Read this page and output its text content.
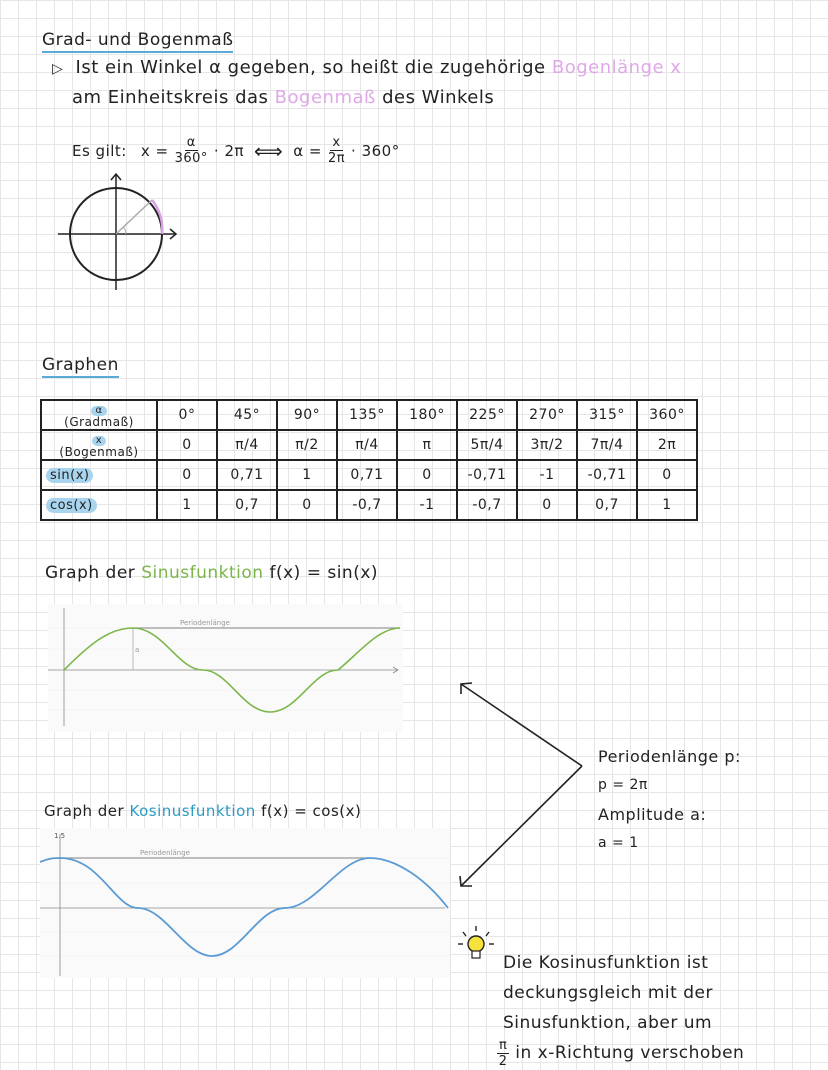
Grad- und Bogenmaß
▷ Ist ein Winkel α gegeben, so heißt die zugehörige Bogenlänge x
am Einheitskreis das Bogenmaß des Winkels
Es gilt: $x = \frac{\alpha}{360^\circ} \cdot 2\pi$ ⟺ $\alpha = \frac{x}{2\pi} \cdot 360^\circ$
Graphen
α
(Gradmaß)	0°	45°	90°	135°	180°	225°	270°	315°	360°
x
(Bogenmaß)	0	π/4	π/2	π/4	π	5π/4	3π/2	7π/4	2π
sin(x)	0	0,71	1	0,71	0	-0,71	-1	-0,71	0
cos(x)	1	0,7	0	-0,7	-1	-0,7	0	0,7	1
Graph der Sinusfunktion f(x) = sin(x)
Periodenlänge
a
Graph der Kosinusfunktion f(x) = cos(x)
Periodenlänge
1.5
Periodenlänge p:
p = 2π
Amplitude a:
a = 1
Die Kosinusfunktion ist
deckungsgleich mit der
Sinusfunktion, aber um
$\frac{\pi}{2}$ in x-Richtung verschoben
